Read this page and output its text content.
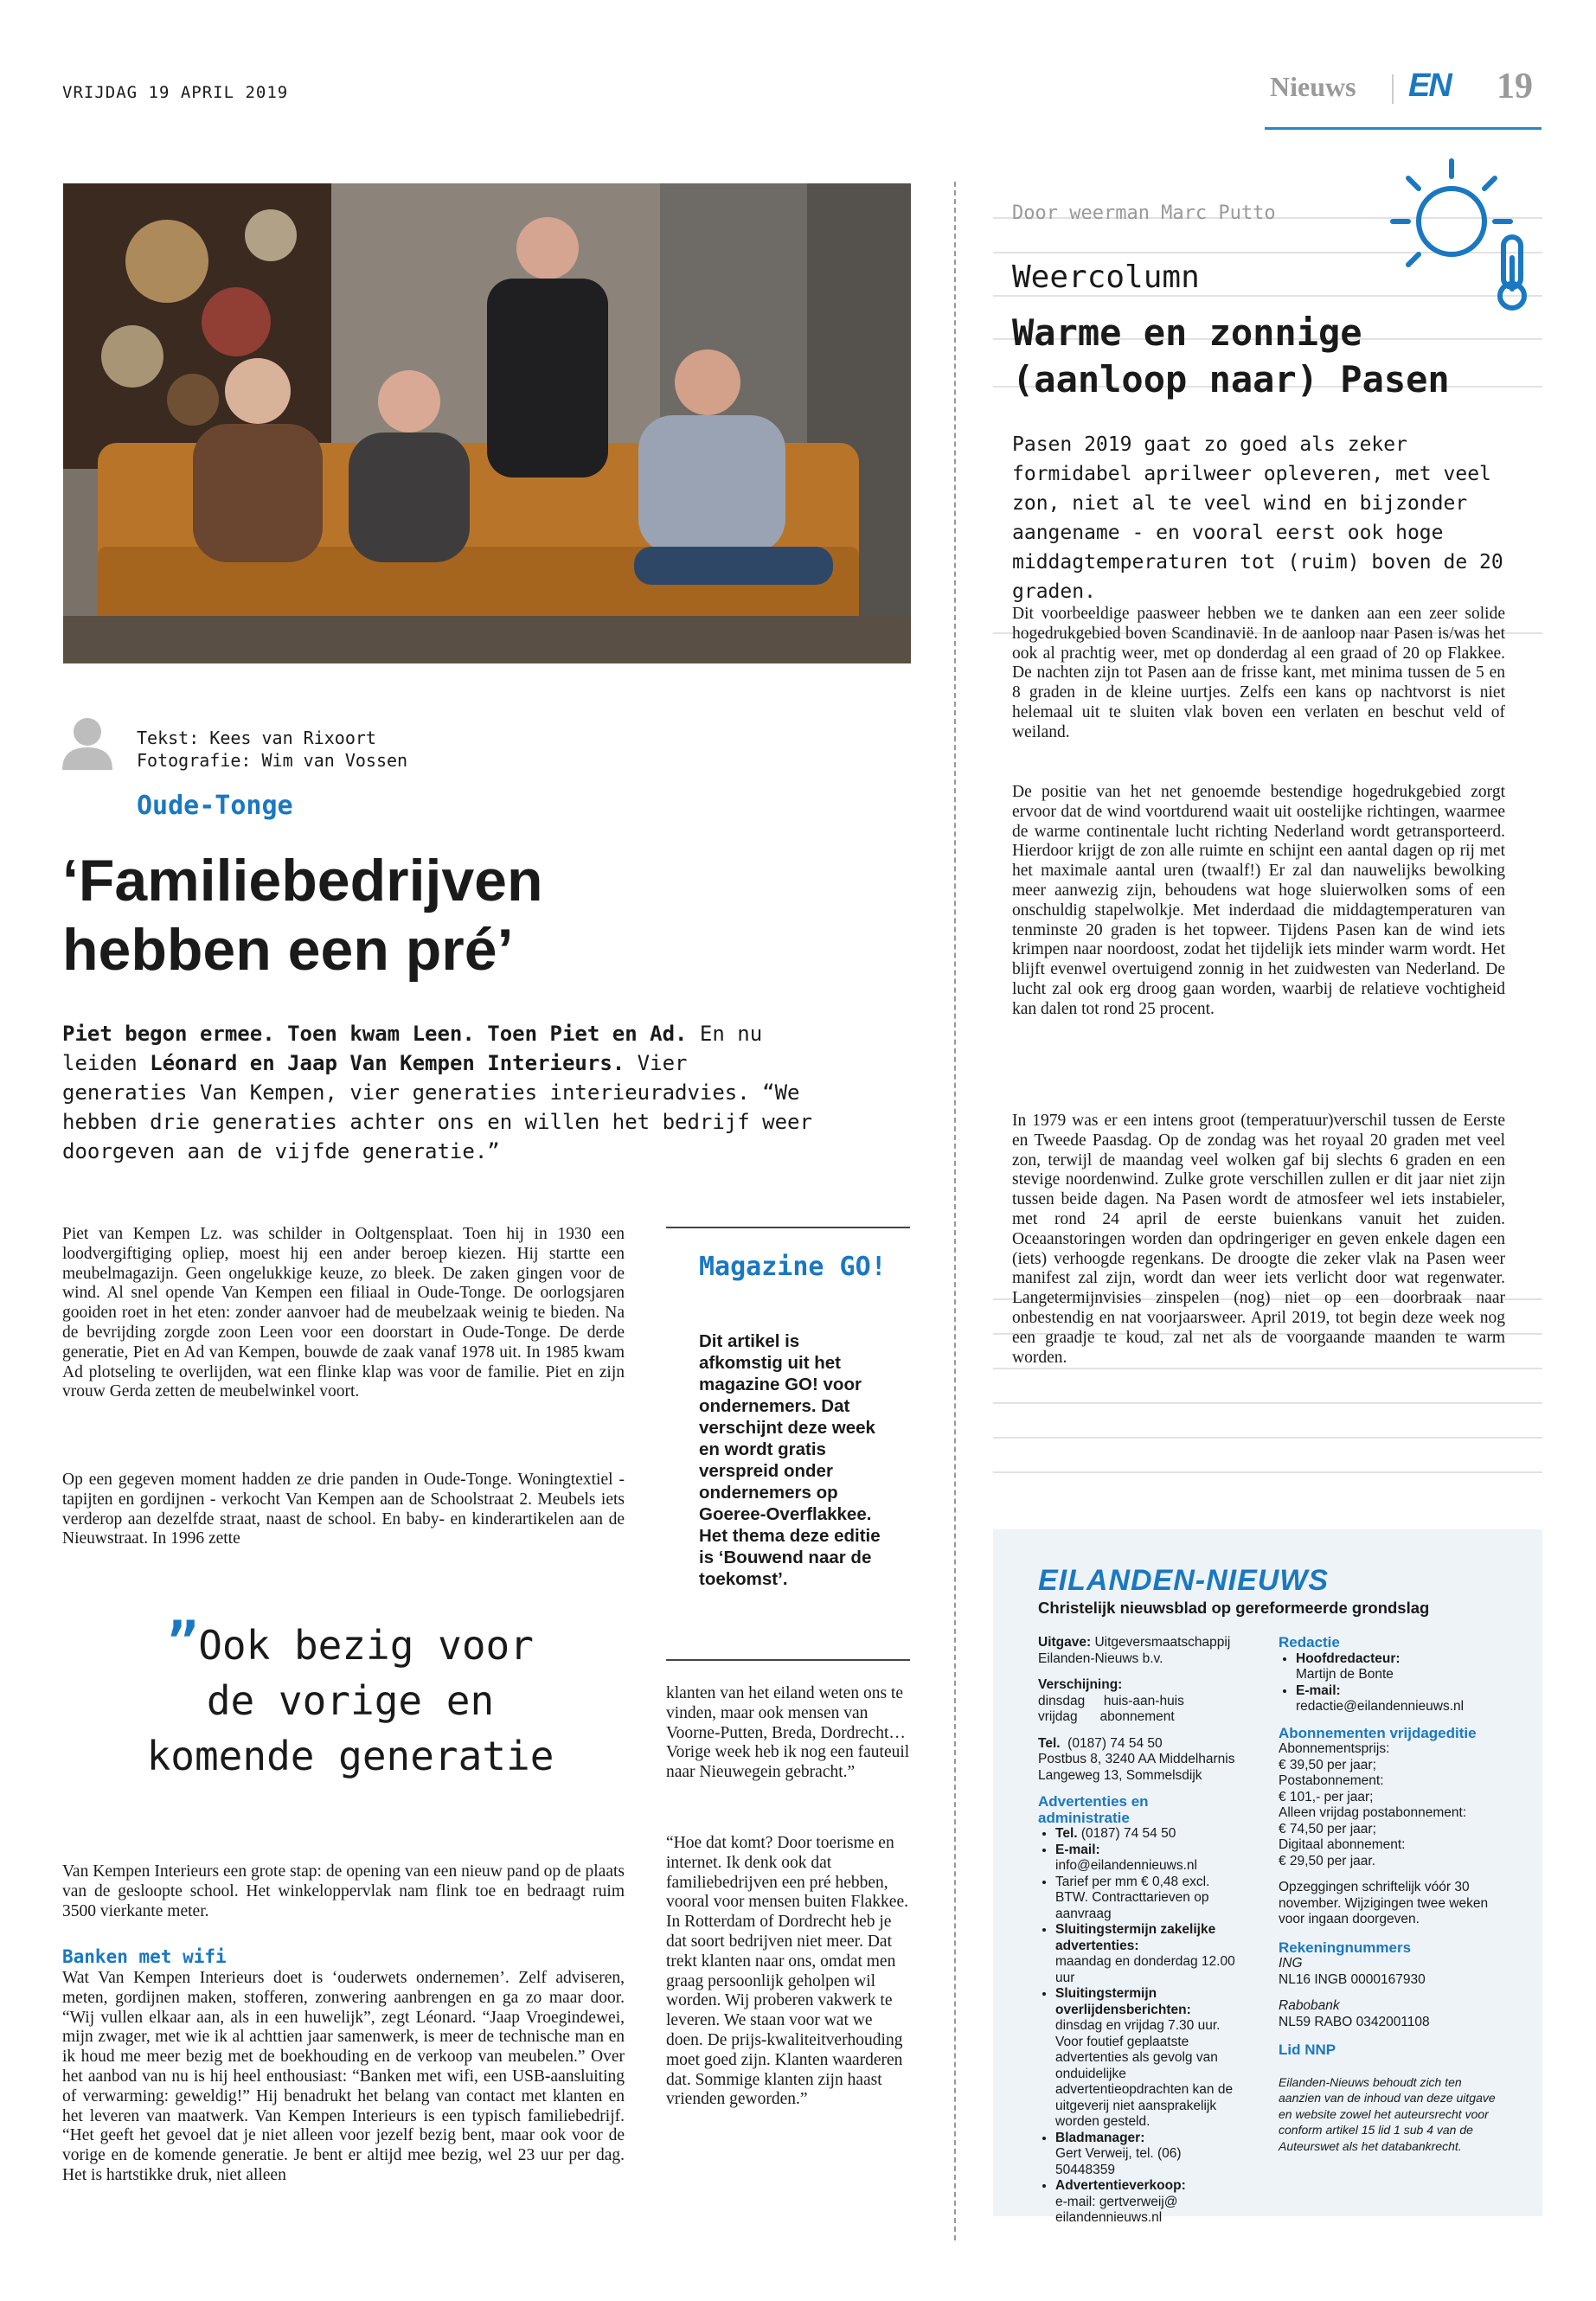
VRIJDAG 19 APRIL 2019	Nieuws EN 19
Tekst: Kees van Rixoort
Fotografie: Wim van Vossen
Oude-Tonge
‘Familiebedrijven
hebben een pré’
Piet begon ermee. Toen kwam Leen. Toen Piet en Ad. En nu leiden Léonard en Jaap Van Kempen Interieurs. Vier generaties Van Kempen, vier generaties interieuradvies. “We hebben drie generaties achter ons en willen het bedrijf weer doorgeven aan de vijfde generatie.”
Piet van Kempen Lz. was schilder in Ooltgensplaat. Toen hij in 1930 een loodvergiftiging opliep, moest hij een ander beroep kiezen. Hij startte een meubelmagazijn. Geen ongelukkige keuze, zo bleek. De zaken gingen voor de wind. Al snel opende Van Kempen een filiaal in Oude-Tonge. De oorlogsjaren gooiden roet in het eten: zonder aanvoer had de meubelzaak weinig te bieden. Na de bevrijding zorgde zoon Leen voor een doorstart in Oude-Tonge. De derde generatie, Piet en Ad van Kempen, bouwde de zaak vanaf 1978 uit. In 1985 kwam Ad plotseling te overlijden, wat een flinke klap was voor de familie. Piet en zijn vrouw Gerda zetten de meubelwinkel voort.
Op een gegeven moment hadden ze drie panden in Oude-Tonge. Woningtextiel - tapijten en gordijnen - verkocht Van Kempen aan de Schoolstraat 2. Meubels iets verderop aan dezelfde straat, naast de school. En baby- en kinderartikelen aan de Nieuwstraat. In 1996 zette
”Ook bezig voor
de vorige en
komende generatie
Van Kempen Interieurs een grote stap: de opening van een nieuw pand op de plaats van de gesloopte school. Het winkeloppervlak nam flink toe en bedraagt ruim 3500 vierkante meter.
Banken met wifi
Wat Van Kempen Interieurs doet is ‘ouderwets ondernemen’. Zelf adviseren, meten, gordijnen maken, stofferen, zonwering aanbrengen en ga zo maar door. “Wij vullen elkaar aan, als in een huwelijk”, zegt Léonard. “Jaap Vroegindewei, mijn zwager, met wie ik al achttien jaar samenwerk, is meer de technische man en ik houd me meer bezig met de boekhouding en de verkoop van meubelen.” Over het aanbod van nu is hij heel enthousiast: “Banken met wifi, een USB-aansluiting of verwarming: geweldig!” Hij benadrukt het belang van contact met klanten en het leveren van maatwerk. Van Kempen Interieurs is een typisch familiebedrijf. “Het geeft het gevoel dat je niet alleen voor jezelf bezig bent, maar ook voor de vorige en de komende generatie. Je bent er altijd mee bezig, wel 23 uur per dag. Het is hartstikke druk, niet alleen
Magazine GO!
Dit artikel is afkomstig uit het magazine GO! voor ondernemers. Dat verschijnt deze week en wordt gratis verspreid onder ondernemers op Goeree-Overflakkee. Het thema deze editie is ‘Bouwend naar de toekomst’.
klanten van het eiland weten ons te vinden, maar ook mensen van Voorne-Putten, Breda, Dordrecht… Vorige week heb ik nog een fauteuil naar Nieuwegein gebracht.”
“Hoe dat komt? Door toerisme en internet. Ik denk ook dat familiebedrijven een pré hebben, vooral voor mensen buiten Flakkee. In Rotterdam of Dordrecht heb je dat soort bedrijven niet meer. Dat trekt klanten naar ons, omdat men graag persoonlijk geholpen wil worden. Wij proberen vakwerk te leveren. We staan voor wat we doen. De prijs-kwaliteitverhouding moet goed zijn. Klanten waarderen dat. Sommige klanten zijn haast vrienden geworden.”
Door weerman Marc Putto
Weercolumn
Warme en zonnige
(aanloop naar) Pasen
Pasen 2019 gaat zo goed als zeker formidabel aprilweer opleveren, met veel zon, niet al te veel wind en bijzonder aangename - en vooral eerst ook hoge middagtemperaturen tot (ruim) boven de 20 graden.
Dit voorbeeldige paasweer hebben we te danken aan een zeer solide hogedrukgebied boven Scandinavië. In de aanloop naar Pasen is/was het ook al prachtig weer, met op donderdag al een graad of 20 op Flakkee. De nachten zijn tot Pasen aan de frisse kant, met minima tussen de 5 en 8 graden in de kleine uurtjes. Zelfs een kans op nachtvorst is niet helemaal uit te sluiten vlak boven een verlaten en beschut veld of weiland.
De positie van het net genoemde bestendige hogedrukgebied zorgt ervoor dat de wind voortdurend waait uit oostelijke richtingen, waarmee de warme continentale lucht richting Nederland wordt getransporteerd. Hierdoor krijgt de zon alle ruimte en schijnt een aantal dagen op rij met het maximale aantal uren (twaalf!) Er zal dan nauwelijks bewolking meer aanwezig zijn, behoudens wat hoge sluierwolken soms of een onschuldig stapelwolkje. Met inderdaad die middagtemperaturen van tenminste 20 graden is het topweer. Tijdens Pasen kan de wind iets krimpen naar noordoost, zodat het tijdelijk iets minder warm wordt. Het blijft evenwel overtuigend zonnig in het zuidwesten van Nederland. De lucht zal ook erg droog gaan worden, waarbij de relatieve vochtigheid kan dalen tot rond 25 procent.
In 1979 was er een intens groot (temperatuur)verschil tussen de Eerste en Tweede Paasdag. Op de zondag was het royaal 20 graden met veel zon, terwijl de maandag veel wolken gaf bij slechts 6 graden en een stevige noordenwind. Zulke grote verschillen zullen er dit jaar niet zijn tussen beide dagen. Na Pasen wordt de atmosfeer wel iets instabieler, met rond 24 april de eerste buienkans vanuit het zuiden. Oceaanstoringen worden dan opdringeriger en geven enkele dagen een (iets) verhoogde regenkans. De droogte die zeker vlak na Pasen weer manifest zal zijn, wordt dan weer iets verlicht door wat regenwater. Langetermijnvisies zinspelen (nog) niet op een doorbraak naar onbestendig en nat voorjaarsweer. April 2019, tot begin deze week nog een graadje te koud, zal net als de voorgaande maanden te warm worden.
EILANDEN-NIEUWS
Christelijk nieuwsblad op gereformeerde grondslag
Uitgave: Uitgeversmaatschappij Eilanden-Nieuws b.v.
Verschijning:
dinsdag     huis-aan-huis
vrijdag      abonnement
Tel.  (0187) 74 54 50
Postbus 8, 3240 AA Middelharnis
Langeweg 13, Sommelsdijk
Advertenties en administratie
• Tel. (0187) 74 54 50
• E-mail: info@eilandennieuws.nl
• Tarief per mm € 0,48 excl. BTW. Contracttarieven op aanvraag
• Sluitingstermijn zakelijke advertenties:
maandag en donderdag 12.00 uur
• Sluitingstermijn overlijdensberichten:
dinsdag en vrijdag 7.30 uur. Voor foutief geplaatste advertenties als gevolg van onduidelijke advertentieopdrachten kan de uitgeverij niet aansprakelijk worden gesteld.
• Bladmanager:
Gert Verweij, tel. (06) 50448359
• Advertentieverkoop:
e-mail: gertverweij@ eilandennieuws.nl
Redactie
• Hoofdredacteur:
Martijn de Bonte
• E-mail:
redactie@eilandennieuws.nl
Abonnementen vrijdageditie
Abonnementsprijs:
€ 39,50 per jaar;
Postabonnement:
€ 101,- per jaar;
Alleen vrijdag postabonnement:
€ 74,50 per jaar;
Digitaal abonnement:
€ 29,50 per jaar.
Opzeggingen schriftelijk vóór 30 november. Wijzigingen twee weken voor ingaan doorgeven.
Rekeningnummers
ING
NL16 INGB 0000167930
Rabobank
NL59 RABO 0342001108
Lid NNP
Eilanden-Nieuws behoudt zich ten aanzien van de inhoud van deze uitgave en website zowel het auteursrecht voor conform artikel 15 lid 1 sub 4 van de Auteurswet als het databankrecht.
